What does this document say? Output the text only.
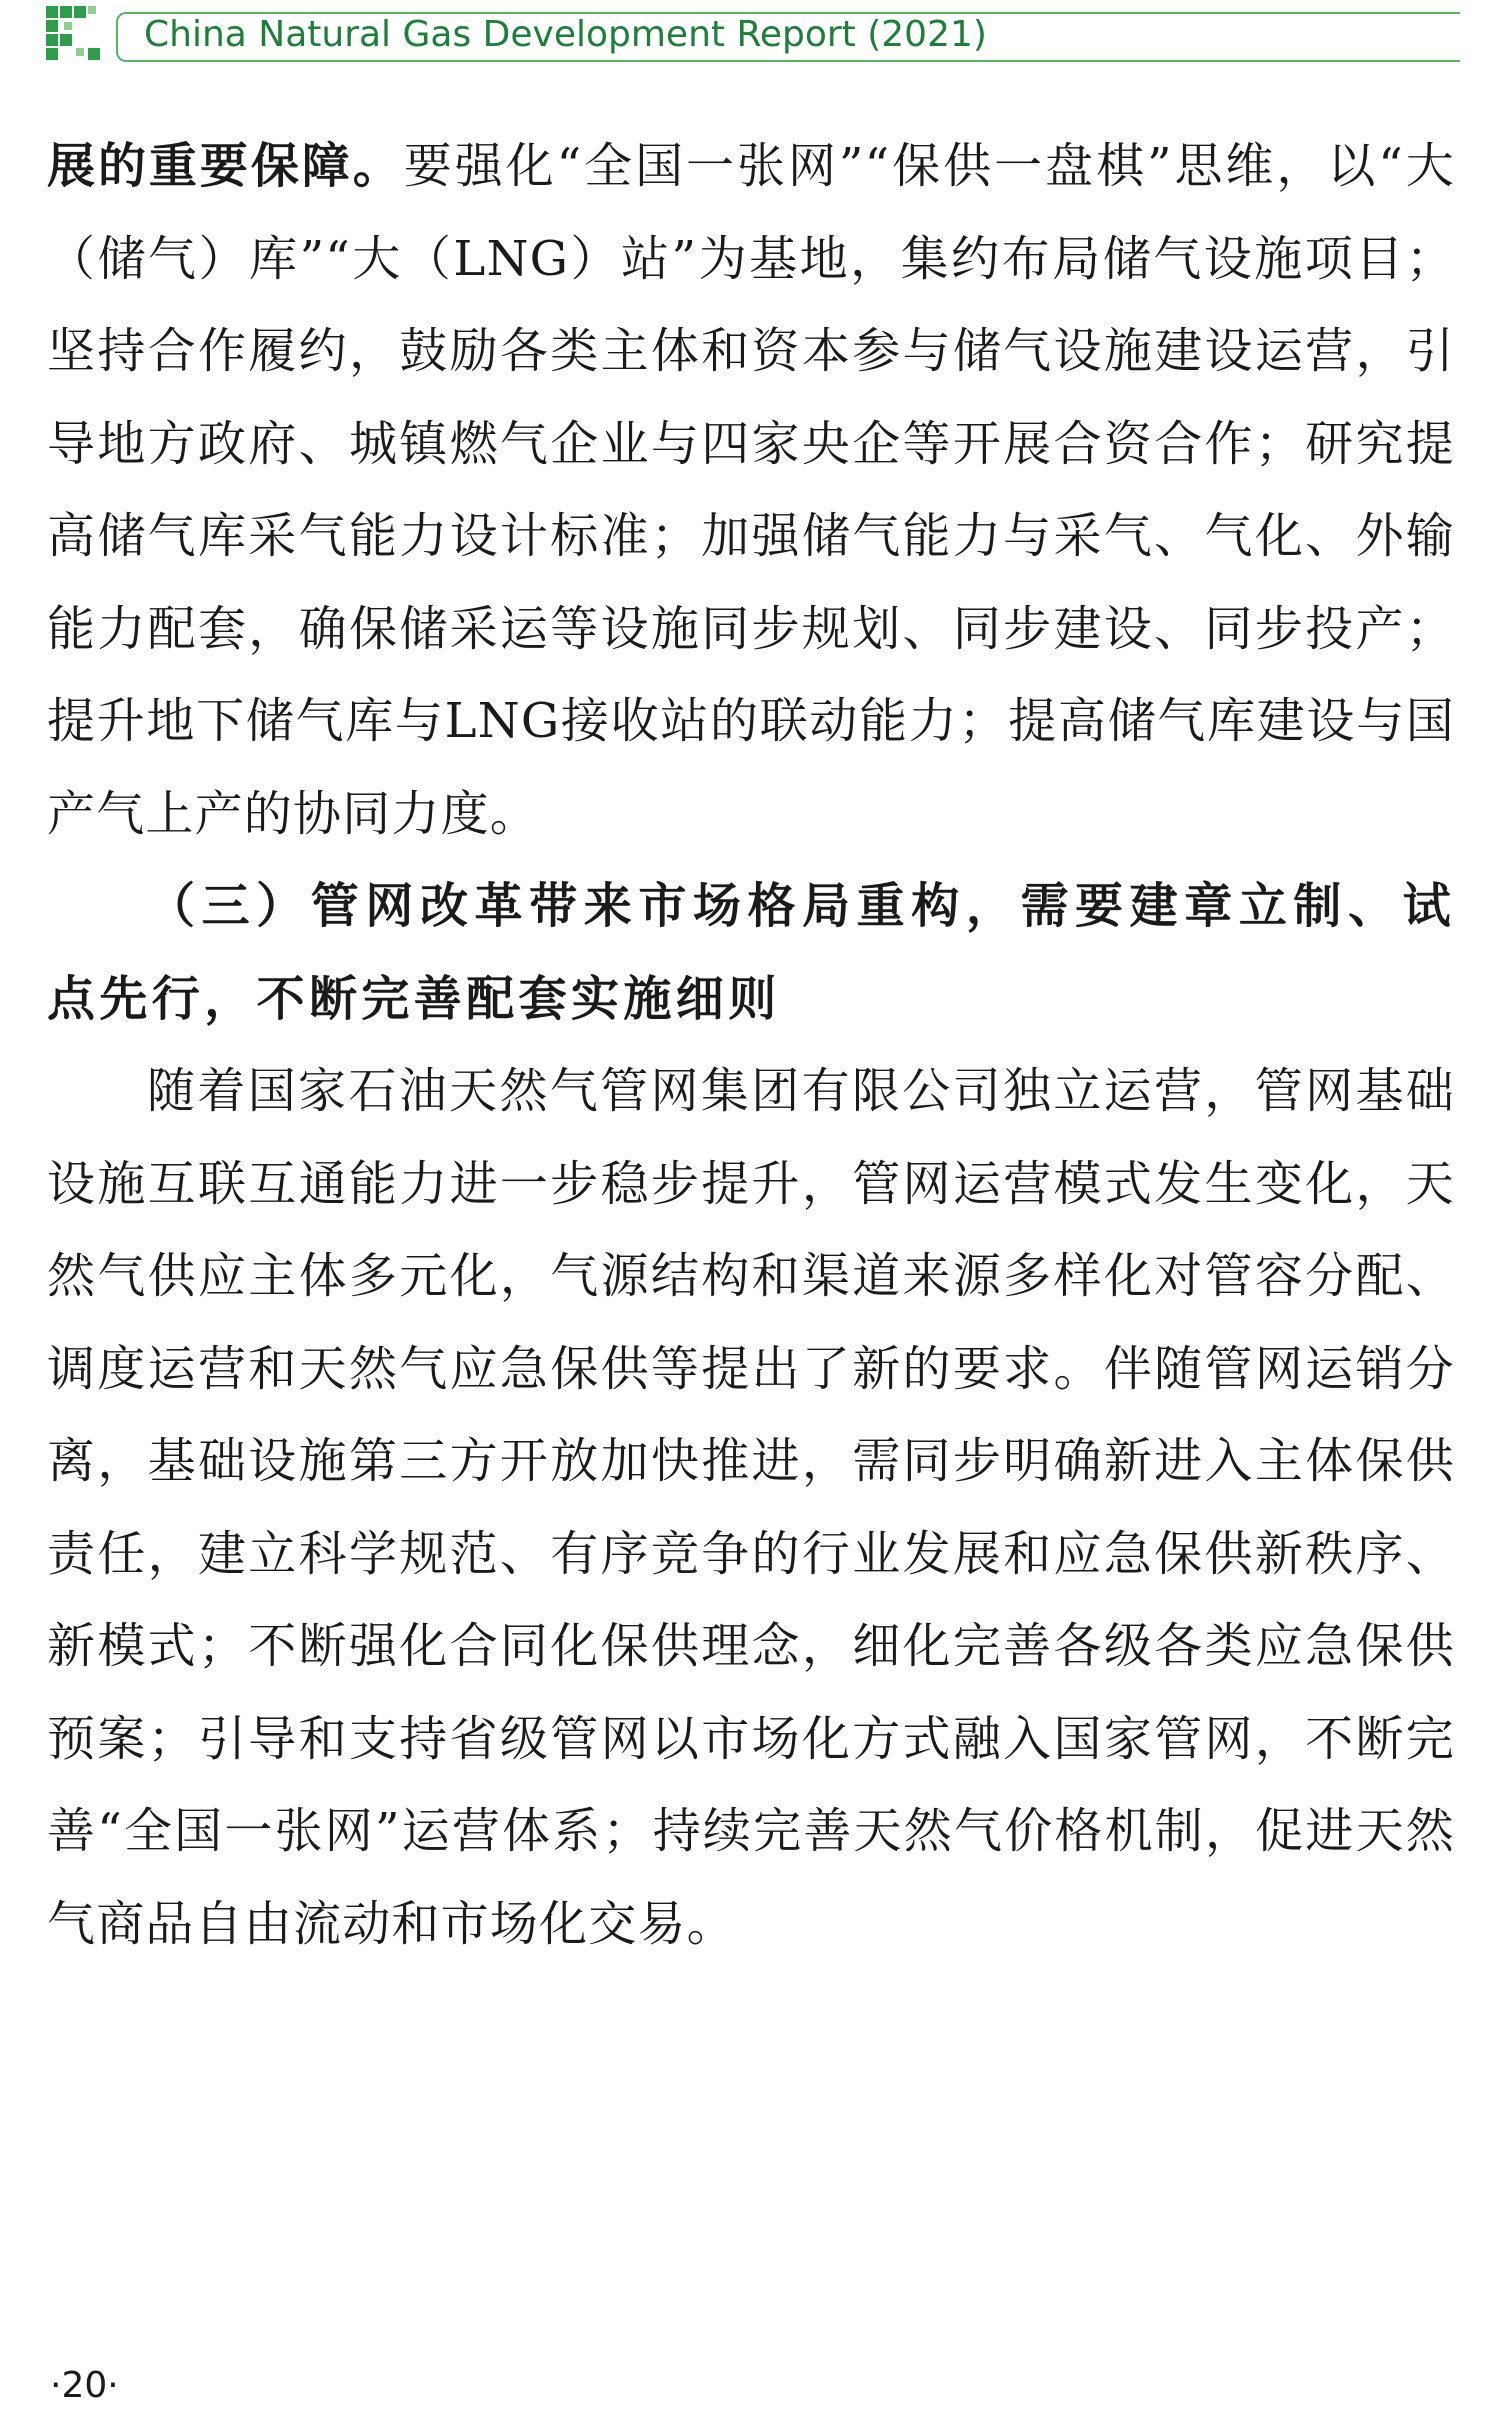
China Natural Gas Development Report (2021)

展的重要保障。要强化“全国一张网”“保供一盘棋”思维，以“大（储气）库”“大（LNG）站”为基地，集约布局储气设施项目；坚持合作履约，鼓励各类主体和资本参与储气设施建设运营，引导地方政府、城镇燃气企业与四家央企等开展合资合作；研究提高储气库采气能力设计标准；加强储气能力与采气、气化、外输能力配套，确保储采运等设施同步规划、同步建设、同步投产；提升地下储气库与LNG接收站的联动能力；提高储气库建设与国产气上产的协同力度。

（三）管网改革带来市场格局重构，需要建章立制、试点先行，不断完善配套实施细则

随着国家石油天然气管网集团有限公司独立运营，管网基础设施互联互通能力进一步稳步提升，管网运营模式发生变化，天然气供应主体多元化，气源结构和渠道来源多样化对管容分配、调度运营和天然气应急保供等提出了新的要求。伴随管网运销分离，基础设施第三方开放加快推进，需同步明确新进入主体保供责任，建立科学规范、有序竞争的行业发展和应急保供新秩序、新模式；不断强化合同化保供理念，细化完善各级各类应急保供预案；引导和支持省级管网以市场化方式融入国家管网，不断完善“全国一张网”运营体系；持续完善天然气价格机制，促进天然气商品自由流动和市场化交易。

·20·
